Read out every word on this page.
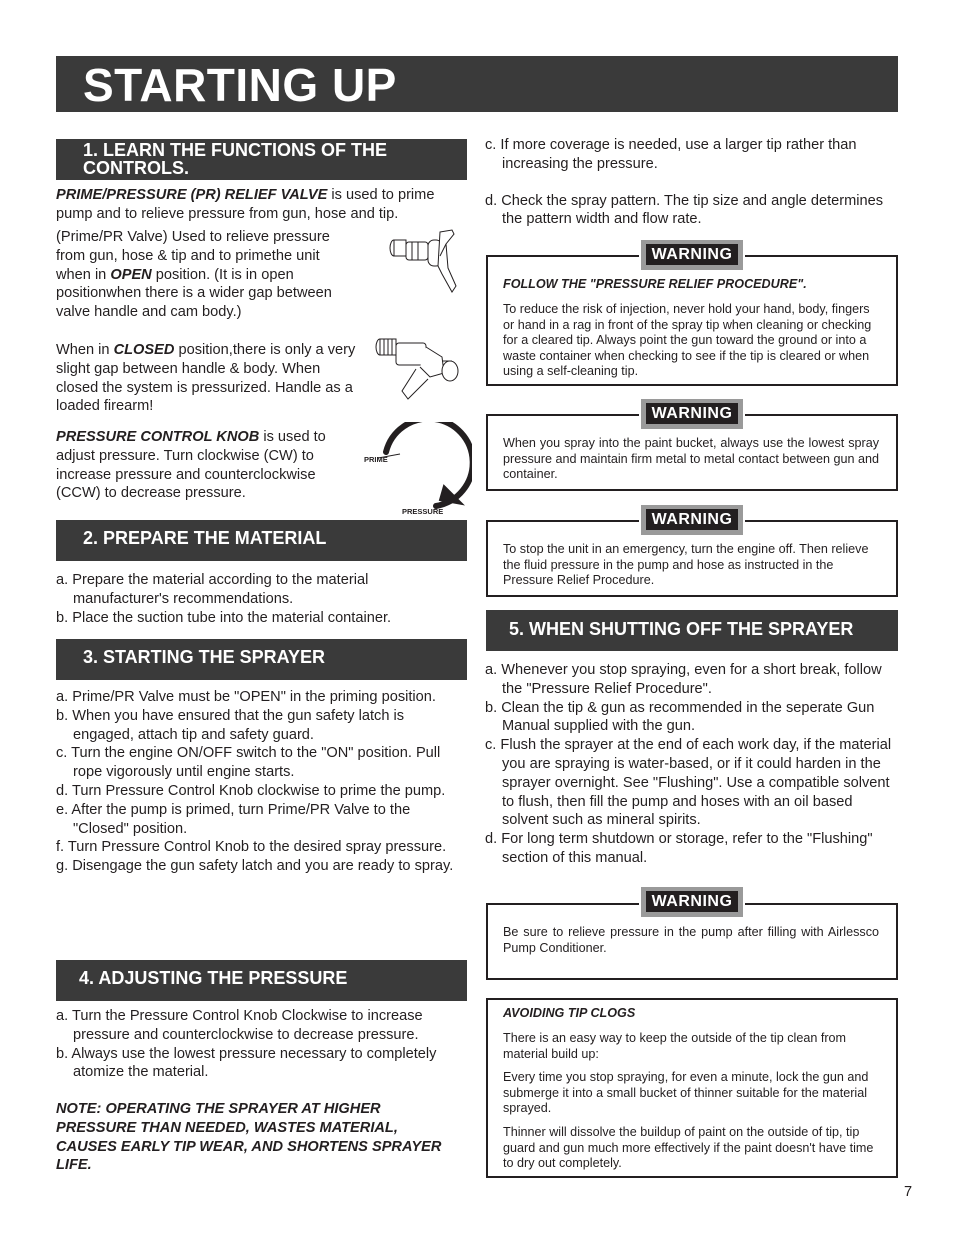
STARTING UP
1. LEARN THE FUNCTIONS OF THE
CONTROLS.
PRIME/PRESSURE (PR) RELIEF VALVE is used to prime pump and to relieve pressure from gun, hose and tip.
(Prime/PR Valve) Used to relieve pressure from gun, hose & tip and to primethe unit when in OPEN position. (It is in open positionwhen there is a wider gap between valve handle and cam body.)
When in CLOSED position,there is only a very slight gap between handle & body. When closed the system is pressurized. Handle as a loaded firearm!
PRESSURE CONTROL KNOB is used to adjust pressure. Turn clockwise (CW) to increase pressure and counterclockwise (CCW) to decrease pressure.
PRIME
PRESSURE
2. PREPARE THE MATERIAL
a. Prepare the material according to the material manufacturer's recommendations.
b. Place the suction tube into the material container.
3. STARTING THE SPRAYER
a. Prime/PR Valve must be "OPEN" in the priming position.
b. When you have ensured that the gun safety latch is engaged, attach tip and safety guard.
c. Turn the engine ON/OFF switch to the "ON" position. Pull rope vigorously until engine starts.
d. Turn Pressure Control Knob clockwise to prime the pump.
e. After the pump is primed, turn Prime/PR Valve to the "Closed" position.
f. Turn Pressure Control Knob to the desired spray pressure.
g. Disengage the gun safety latch and you are ready to spray.
4. ADJUSTING THE PRESSURE
a. Turn the Pressure Control Knob Clockwise to increase pressure and counterclockwise to decrease pressure.
b. Always use the lowest pressure necessary to completely atomize the material.
NOTE: OPERATING THE SPRAYER AT HIGHER PRESSURE THAN NEEDED, WASTES MATERIAL, CAUSES EARLY TIP WEAR, AND SHORTENS SPRAYER LIFE.
c. If more coverage is needed, use a larger tip rather than increasing the pressure.
d. Check the spray pattern. The tip size and angle determines the pattern width and flow rate.
FOLLOW THE "PRESSURE RELIEF PROCEDURE".
To reduce the risk of injection, never hold your hand, body, fingers or hand in a rag in front of the spray tip when cleaning or checking for a cleared tip. Always point the gun toward the ground or into a waste container when checking to see if the tip is cleared or when using a self-cleaning tip.
WARNING
When you spray into the paint bucket, always use the lowest spray pressure and maintain firm metal to metal contact between gun and container.
WARNING
To stop the unit in an emergency, turn the engine off. Then relieve the fluid pressure in the pump and hose as instructed in the Pressure Relief Procedure.
WARNING
5. WHEN SHUTTING OFF THE SPRAYER
a. Whenever you stop spraying, even for a short break, follow the "Pressure Relief Procedure".
b. Clean the tip & gun as recommended in the seperate Gun Manual supplied with the gun.
c. Flush the sprayer at the end of each work day, if the material you are spraying is water-based, or if it could harden in the sprayer overnight. See "Flushing". Use a compatible solvent to flush, then fill the pump and hoses with an oil based solvent such as mineral spirits.
d. For long term shutdown or storage, refer to the "Flushing" section of this manual.
Be sure to relieve pressure in the pump after filling with Airlessco Pump Conditioner.
WARNING
AVOIDING TIP CLOGS
There is an easy way to keep the outside of the tip clean from material build up:
Every time you stop spraying, for even a minute, lock the gun and submerge it into a small bucket of thinner suitable for the material sprayed.
Thinner will dissolve the buildup of paint on the outside of tip, tip guard and gun much more effectively if the paint doesn't have time to dry out completely.
7
